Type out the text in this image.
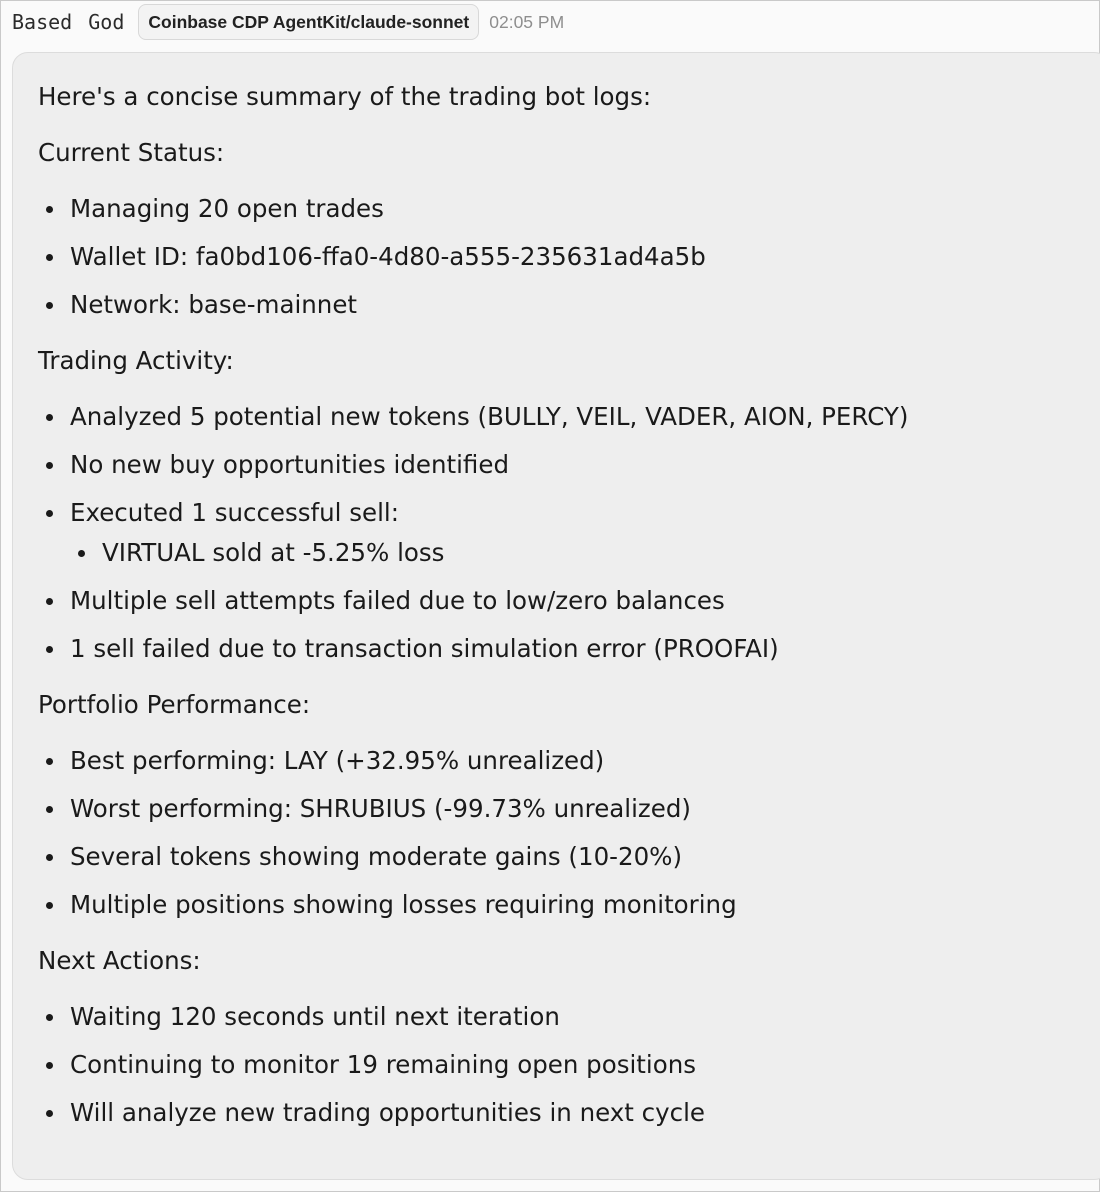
Based God	Coinbase CDP AgentKit/claude-sonnet	02:05 PM

Here's a concise summary of the trading bot logs:

Current Status:

Managing 20 open trades
Wallet ID: fa0bd106-ffa0-4d80-a555-235631ad4a5b
Network: base-mainnet

Trading Activity:

Analyzed 5 potential new tokens (BULLY, VEIL, VADER, AION, PERCY)
No new buy opportunities identified
Executed 1 successful sell:
VIRTUAL sold at -5.25% loss
Multiple sell attempts failed due to low/zero balances
1 sell failed due to transaction simulation error (PROOFAI)

Portfolio Performance:

Best performing: LAY (+32.95% unrealized)
Worst performing: SHRUBIUS (-99.73% unrealized)
Several tokens showing moderate gains (10-20%)
Multiple positions showing losses requiring monitoring

Next Actions:

Waiting 120 seconds until next iteration
Continuing to monitor 19 remaining open positions
Will analyze new trading opportunities in next cycle
